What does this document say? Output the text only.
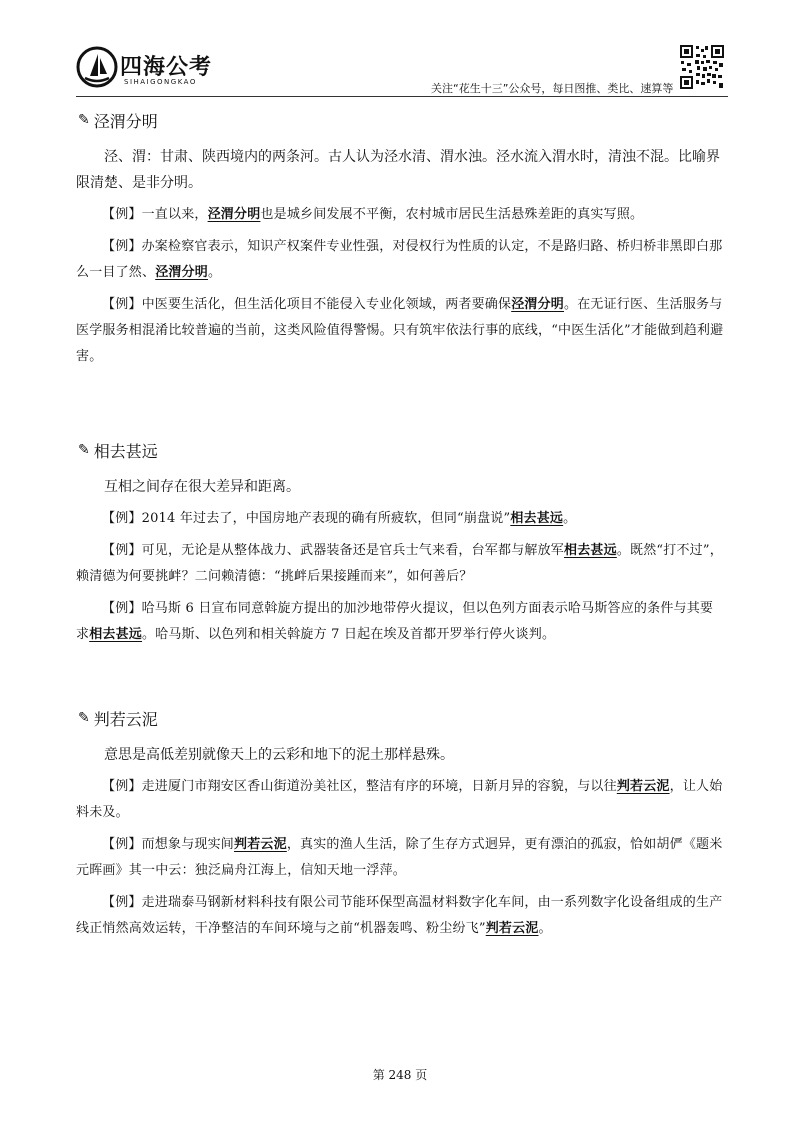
四海公考
SIHAIGONGKAO	关注“花生十三”公众号，每日图推、类比、速算等
✎ 泾渭分明

泾、渭：甘肃、陕西境内的两条河。古人认为泾水清、渭水浊。泾水流入渭水时，清浊不混。比喻界限清楚、是非分明。

【例】一直以来，泾渭分明也是城乡间发展不平衡，农村城市居民生活悬殊差距的真实写照。

【例】办案检察官表示，知识产权案件专业性强，对侵权行为性质的认定，不是路归路、桥归桥非黑即白那么一目了然、泾渭分明。

【例】中医要生活化，但生活化项目不能侵入专业化领域，两者要确保泾渭分明。在无证行医、生活服务与医学服务相混淆比较普遍的当前，这类风险值得警惕。只有筑牢依法行事的底线，“中医生活化”才能做到趋利避害。

✎ 相去甚远

互相之间存在很大差异和距离。

【例】2014 年过去了，中国房地产表现的确有所疲软，但同“崩盘说”相去甚远。

【例】可见，无论是从整体战力、武器装备还是官兵士气来看，台军都与解放军相去甚远。既然“打不过”，赖清德为何要挑衅？二问赖清德：“挑衅后果接踵而来”，如何善后？

【例】哈马斯 6 日宣布同意斡旋方提出的加沙地带停火提议，但以色列方面表示哈马斯答应的条件与其要求相去甚远。哈马斯、以色列和相关斡旋方 7 日起在埃及首都开罗举行停火谈判。

✎ 判若云泥

意思是高低差别就像天上的云彩和地下的泥土那样悬殊。

【例】走进厦门市翔安区香山街道汾美社区，整洁有序的环境，日新月异的容貌，与以往判若云泥，让人始料未及。

【例】而想象与现实间判若云泥，真实的渔人生活，除了生存方式迥异，更有漂泊的孤寂，恰如胡俨《题米元晖画》其一中云：独泛扁舟江海上，信知天地一浮萍。

【例】走进瑞泰马钢新材料科技有限公司节能环保型高温材料数字化车间，由一系列数字化设备组成的生产线正悄然高效运转，干净整洁的车间环境与之前“机器轰鸣、粉尘纷飞”判若云泥。

第 248 页
